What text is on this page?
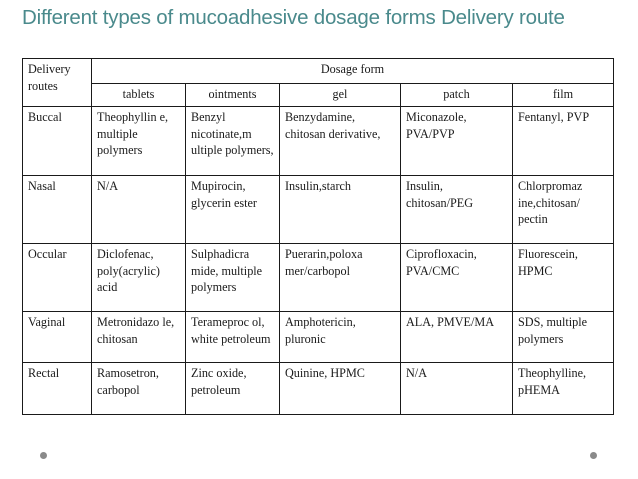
Different types of mucoadhesive dosage forms Delivery route
Delivery routes	Dosage form				
	tablets	ointments	gel	patch	film
Buccal	Theophyllin e, multiple polymers	Benzyl nicotinate,m ultiple polymers,	Benzydamine, chitosan derivative,	Miconazole, PVA/PVP	Fentanyl, PVP
Nasal	N/A	Mupirocin, glycerin ester	Insulin,starch	Insulin, chitosan/PEG	Chlorpromaz ine,chitosan/ pectin
Occular	Diclofenac, poly(acrylic) acid	Sulphadicra mide, multiple polymers	Puerarin,poloxa mer/carbopol	Ciprofloxacin, PVA/CMC	Fluorescein, HPMC
Vaginal	Metronidazo le, chitosan	Terameproc ol, white petroleum	Amphotericin, pluronic	ALA, PMVE/MA	SDS, multiple polymers
Rectal	Ramosetron, carbopol	Zinc oxide, petroleum	Quinine, HPMC	N/A	Theophylline, pHEMA
